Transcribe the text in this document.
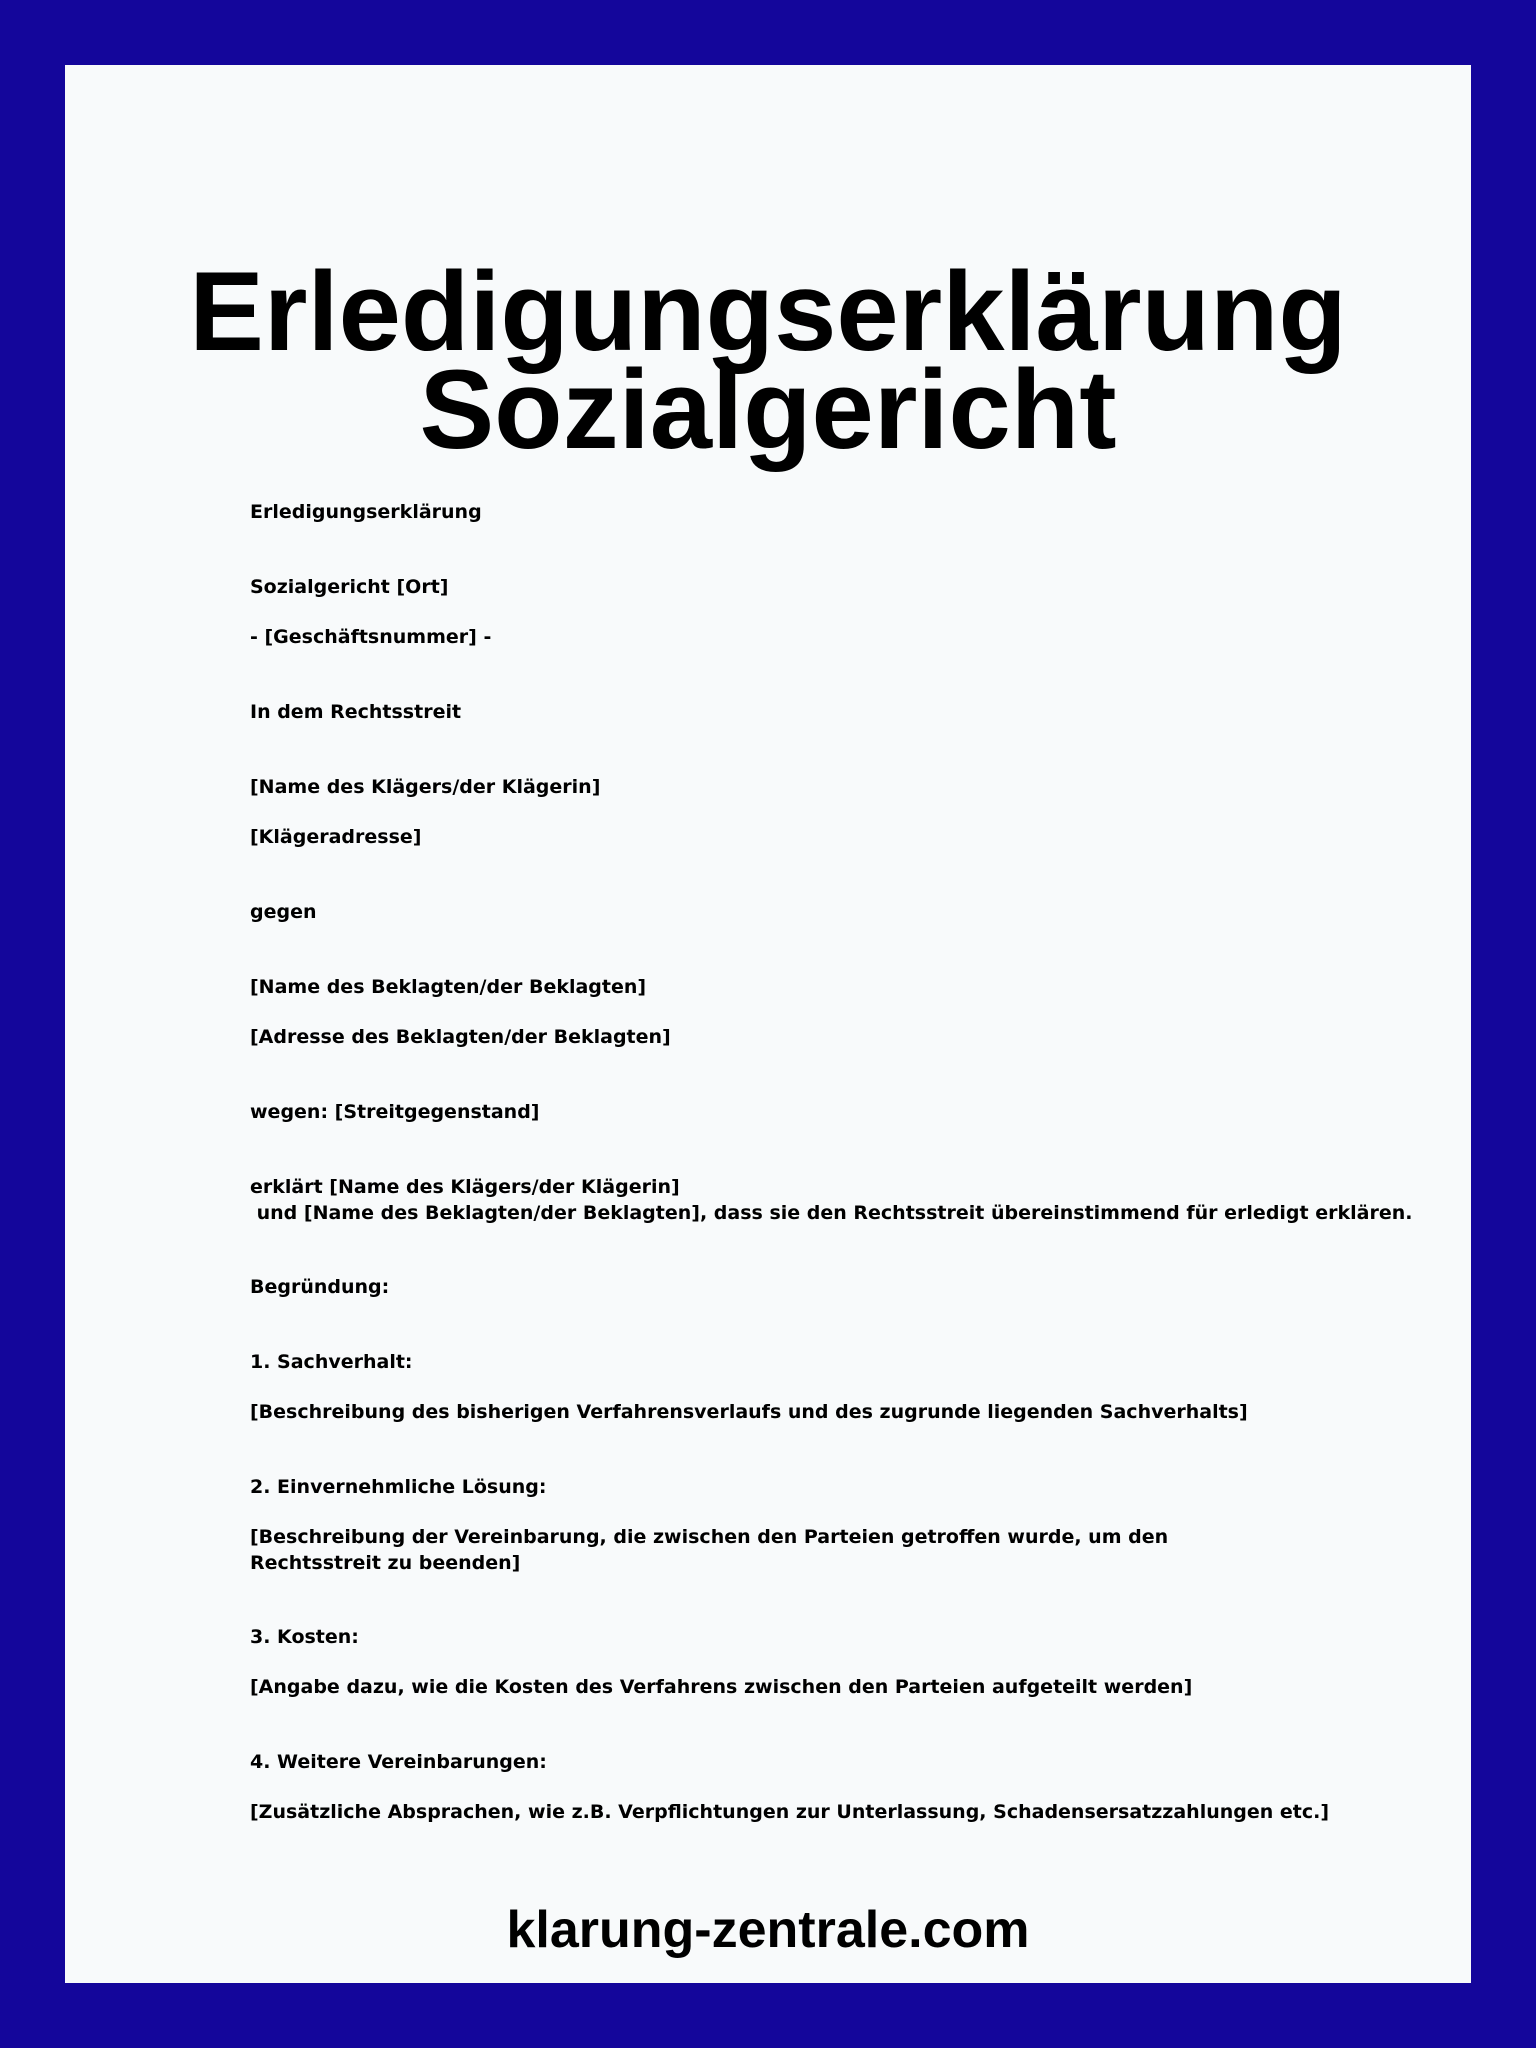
Erledigungserklärung
Sozialgericht
Erledigungserklärung
Sozialgericht [Ort]
- [Geschäftsnummer] -
In dem Rechtsstreit
[Name des Klägers/der Klägerin]
[Klägeradresse]
gegen
[Name des Beklagten/der Beklagten]
[Adresse des Beklagten/der Beklagten]
wegen: [Streitgegenstand]
erklärt [Name des Klägers/der Klägerin]
und [Name des Beklagten/der Beklagten], dass sie den Rechtsstreit übereinstimmend für erledigt erklären.
Begründung:
1. Sachverhalt:
[Beschreibung des bisherigen Verfahrensverlaufs und des zugrunde liegenden Sachverhalts]
2. Einvernehmliche Lösung:
[Beschreibung der Vereinbarung, die zwischen den Parteien getroffen wurde, um den Rechtsstreit zu beenden]
3. Kosten:
[Angabe dazu, wie die Kosten des Verfahrens zwischen den Parteien aufgeteilt werden]
4. Weitere Vereinbarungen:
[Zusätzliche Absprachen, wie z.B. Verpflichtungen zur Unterlassung, Schadensersatzzahlungen etc.]
klarung-zentrale.com
